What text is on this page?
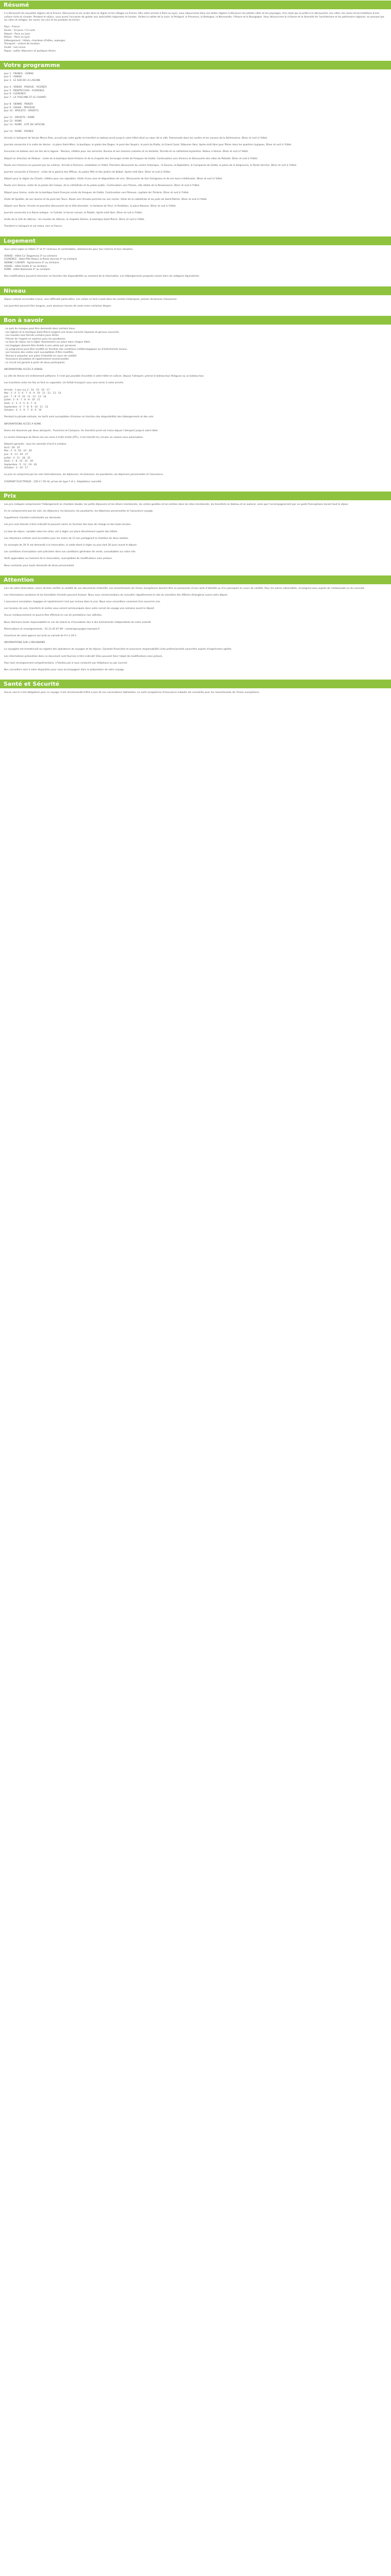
Résumé

Il a découvert de nouvelles régions de la France. Découvrez la vie rurale dans la région et les villages en France. Dès votre arrivée à Paris ou Lyon, vous séjournerez dans ses belles régions à découvrir les petites villes et les paysages, d'un style qui se prête à la découverte. Les villes, les caves et les traditions d'une culture riche et vivante. Pendant le séjour, vous aurez l'occasion de goûter aux spécialités régionales et locales. Visitez la vallée de la Loire, le Périgord, la Provence, la Bretagne, la Normandie, l'Alsace et la Bourgogne. Vous découvrirez la richesse et la diversité de l'architecture et du patrimoine régional, en passant par les villes et villages, les caves, les vins et les produits du terroir.

Pays : France
Durée : 14 jours / 13 nuits
Départ : Paris ou Lyon
Retour : Paris ou Lyon
Hébergement : hôtels, chambres d'hôtes, auberges
Transport : voiture de location
Guide : non inclus
Repas : petits déjeuners et quelques dîners
Votre programme
Jour 1 : FRANCE · VENISE
Jour 2 : VENISE
Jour 3 : LE SUD DE LA LAGUNE
Jour 4 : VENISE · PADOUE · VICENZA
Jour 5 : MONTECCHIO · FLORENCE
Jour 6 : FLORENCE
Jour 7 : LA TOSCANE ET LE CHIANTI
Jour 8 : SIENNE · PIENZA
Jour 9 : ASSISE · PÉROUSE
Jour 10 : SPOLETO · ORVIETO
Jour 11 : ORVIETO · ROME
Jour 12 : ROME
Jour 13 : ROME · CITÉ DU VATICAN
Jour 14 : ROME · FRANCE

Arrivée à l'aéroport de Venise Marco Polo, accueil par votre guide et transfert en bateau privé jusqu'à votre hôtel situé au cœur de la ville. Promenade dans les ruelles et les canaux de la Sérénissime. Dîner et nuit à l'hôtel.

Journée consacrée à la visite de Venise : la place Saint-Marc, la basilique, le palais des Doges, le pont des Soupirs, le pont du Rialto, le Grand Canal. Déjeuner libre. Après-midi libre pour flâner dans les quartiers typiques. Dîner et nuit à l'hôtel.

Excursion en bateau vers les îles de la lagune : Murano, célèbre pour ses verreries, Burano et ses maisons colorées et sa dentelle, Torcello et sa cathédrale byzantine. Retour à Venise. Dîner et nuit à l'hôtel.

Départ en direction de Padoue : visite de la basilique Saint-Antoine et de la chapelle des Scrovegni ornée de fresques de Giotto. Continuation vers Vicence et découverte des villas de Palladio. Dîner et nuit à l'hôtel.

Route vers Florence en passant par les collines. Arrivée à Florence, installation à l'hôtel. Première découverte du centre historique : le Duomo, le Baptistère, le Campanile de Giotto, la place de la Seigneurie, le Ponte Vecchio. Dîner et nuit à l'hôtel.

Journée consacrée à Florence : visite de la galerie des Offices, du palais Pitti et des jardins de Boboli. Après-midi libre. Dîner et nuit à l'hôtel.

Départ pour la région du Chianti, célèbre pour ses vignobles. Visite d'une cave et dégustation de vins. Découverte de San Gimignano et de ses tours médiévales. Dîner et nuit à l'hôtel.

Route vers Sienne, visite de la piazza del Campo, de la cathédrale et du palais public. Continuation vers Pienza, ville idéale de la Renaissance. Dîner et nuit à l'hôtel.

Départ pour Assise, visite de la basilique Saint-François ornée de fresques de Giotto. Continuation vers Pérouse, capitale de l'Ombrie. Dîner et nuit à l'hôtel.

Visite de Spolète, de son duomo et du pont des Tours. Route vers Orvieto perchée sur son rocher. Visite de la cathédrale et du puits de Saint-Patrick. Dîner et nuit à l'hôtel.

Départ vers Rome. Arrivée et première découverte de la Ville éternelle : la fontaine de Trevi, le Panthéon, la place Navone. Dîner et nuit à l'hôtel.

Journée consacrée à la Rome antique : le Colisée, le forum romain, le Palatin. Après-midi libre. Dîner et nuit à l'hôtel.

Visite de la Cité du Vatican : les musées du Vatican, la chapelle Sixtine, la basilique Saint-Pierre. Dîner et nuit à l'hôtel.

Transfert à l'aéroport et vol retour vers la France.

Logement

Vous serez logés en hôtels 3* et 4* centraux et confortables, sélectionnés pour leur charme et leur situation.

VENISE : Hôtel Ca' Dogaressa 3* ou similaire
FLORENCE : Hôtel Pitti Palace al Ponte Vecchio 4* ou similaire
SIENNE / CHIANTI : Agriturismo 3* ou similaire
ASSISE : Hôtel Giotto 4* ou similaire
ROME : Hôtel Nazionale 4* ou similaire

Des modifications peuvent intervenir en fonction des disponibilités au moment de la réservation. Les hébergements proposés seront alors de catégorie équivalente.

Niveau

Séjour culturel accessible à tous, sans difficulté particulière. Les visites se font à pied dans les centres historiques, prévoir de bonnes chaussures.

Les journées peuvent être longues, avec plusieurs heures de route entre certaines étapes.

Bon à savoir
· Le port du masque peut être demandé dans certains lieux.
· Les églises et la basilique Saint-Pierre exigent une tenue correcte (épaules et genoux couverts).
· Les musées sont fermés certains jours fériés.
· Prévoir de l'argent en espèces pour les pourboires.
· La taxe de séjour est à régler directement sur place dans chaque hôtel.
· Les bagages doivent être limités à une valise par personne.
· Le programme peut être modifié en fonction des conditions météorologiques ou d'événements locaux.
· Les horaires des visites sont susceptibles d'être modifiés.
· Pensez à emporter une pièce d'identité en cours de validité.
· Assurance annulation et rapatriement recommandée.
· Le circuit est garanti à partir de deux participants.

INFORMATIONS ACCÈS À VENISE

La ville de Venise est entièrement piétonne. Il n'est pas possible d'accéder à votre hôtel en voiture. Depuis l'aéroport, prenez le bateau-bus Alilaguna ou un bateau-taxi.

Les transferts entre les îles se font en vaporetto. Un forfait transport vous sera remis à votre arrivée.

Arrivée : 1 jour sur 2 : 14 · 15 · 16 · 17
Mai : 3 · 4 · 5 · 6 · 7 · 8 · 9 · 10 · 11 · 12 · 13 · 14
Juin : 7 · 8 · 9 · 10 · 11 · 12 · 13 · 14
Juillet : 5 · 6 · 7 · 8 · 9 · 10 · 11
Août : 2 · 3 · 4 · 5 · 6 · 7 · 8
Septembre : 6 · 7 · 8 · 9 · 10 · 11 · 12
Octobre : 4 · 5 · 6 · 7 · 8 · 9 · 10

Pendant la période estivale, les tarifs sont susceptibles d'évoluer en fonction des disponibilités des hébergements et des vols.

INFORMATIONS ACCÈS À ROME

Rome est desservie par deux aéroports : Fiumicino et Ciampino. Un transfert privé est inclus depuis l'aéroport jusqu'à votre hôtel.

Le centre historique de Rome est une zone à trafic limité (ZTL). Il est interdit d'y circuler en voiture sans autorisation.

Départs garantis : tous les samedis d'avril à octobre.
Avril : 18 · 25
Mai : 2 · 9 · 16 · 23 · 30
Juin : 6 · 13 · 20 · 27
Juillet : 4 · 11 · 18 · 25
Août : 1 · 8 · 15 · 22 · 29
Septembre : 5 · 12 · 19 · 26
Octobre : 3 · 10 · 17

Le prix ne comprend pas les vols internationaux, les déjeuners, les boissons, les pourboires, les dépenses personnelles et l'assurance.

COURANT ÉLECTRIQUE : 220 V / 50 Hz, prises de type F et L. Adaptateur conseillé.

Prix

Les prix indiqués comprennent l'hébergement en chambre double, les petits déjeuners et les dîners mentionnés, les visites guidées et les entrées dans les sites mentionnés, les transferts en bateau et en autocar, ainsi que l'accompagnement par un guide francophone durant tout le séjour.

Ils ne comprennent pas les vols, les déjeuners, les boissons, les pourboires, les dépenses personnelles et l'assurance voyage.

Supplément chambre individuelle sur demande.

Les prix sont donnés à titre indicatif et peuvent varier en fonction des taux de change et des taxes locales.

La taxe de séjour, variable selon les villes, est à régler sur place directement auprès des hôtels.

Les réductions enfants sont accordées pour les moins de 12 ans partageant la chambre de deux adultes.

Un acompte de 30 % est demandé à la réservation, le solde étant à régler au plus tard 30 jours avant le départ.

Les conditions d'annulation sont précisées dans nos conditions générales de vente, consultables sur notre site.

Tarifs applicables au moment de la réservation, susceptibles de modifications sans préavis.

Nous contacter pour toute demande de devis personnalisé.

Attention

Lors de votre réservation, merci de bien vérifier la validité de vos documents d'identité. Les ressortissants de l'Union européenne doivent être en possession d'une carte d'identité ou d'un passeport en cours de validité. Pour les autres nationalités, renseignez-vous auprès de l'ambassade ou du consulat.

Les informations sanitaires et les formalités d'entrée peuvent évoluer. Nous vous recommandons de consulter régulièrement le site du ministère des Affaires étrangères avant votre départ.

L'assurance annulation, bagages et rapatriement n'est pas incluse dans le prix. Nous vous conseillons vivement d'en souscrire une.

Les horaires de vols, transferts et visites vous seront communiqués dans votre carnet de voyage une semaine avant le départ.

Aucun remboursement ne pourra être effectué en cas de prestations non utilisées.

Nous déclinons toute responsabilité en cas de retard ou d'annulation dus à des événements indépendants de notre volonté.

Réservations et renseignements : 01 23 45 67 89 · contact@voyages-exemple.fr

Ouverture de notre agence du lundi au samedi de 9 h à 19 h.

INFORMATIONS SUR L'ORGANISME

Le voyagiste est immatriculé au registre des opérateurs de voyages et de séjours. Garantie financière et assurance responsabilité civile professionnelle souscrites auprès d'organismes agréés.

Les informations présentées dans ce document sont fournies à titre indicatif. Elles peuvent faire l'objet de modifications sans préavis.

Pour tout renseignement complémentaire, n'hésitez pas à nous contacter par téléphone ou par courriel.

Nos conseillers sont à votre disposition pour vous accompagner dans la préparation de votre voyage.

Santé et Sécurité

Aucun vaccin n'est obligatoire pour ce voyage. Il est recommandé d'être à jour de ses vaccinations habituelles. La carte européenne d'assurance maladie est conseillée pour les ressortissants de l'Union européenne.
